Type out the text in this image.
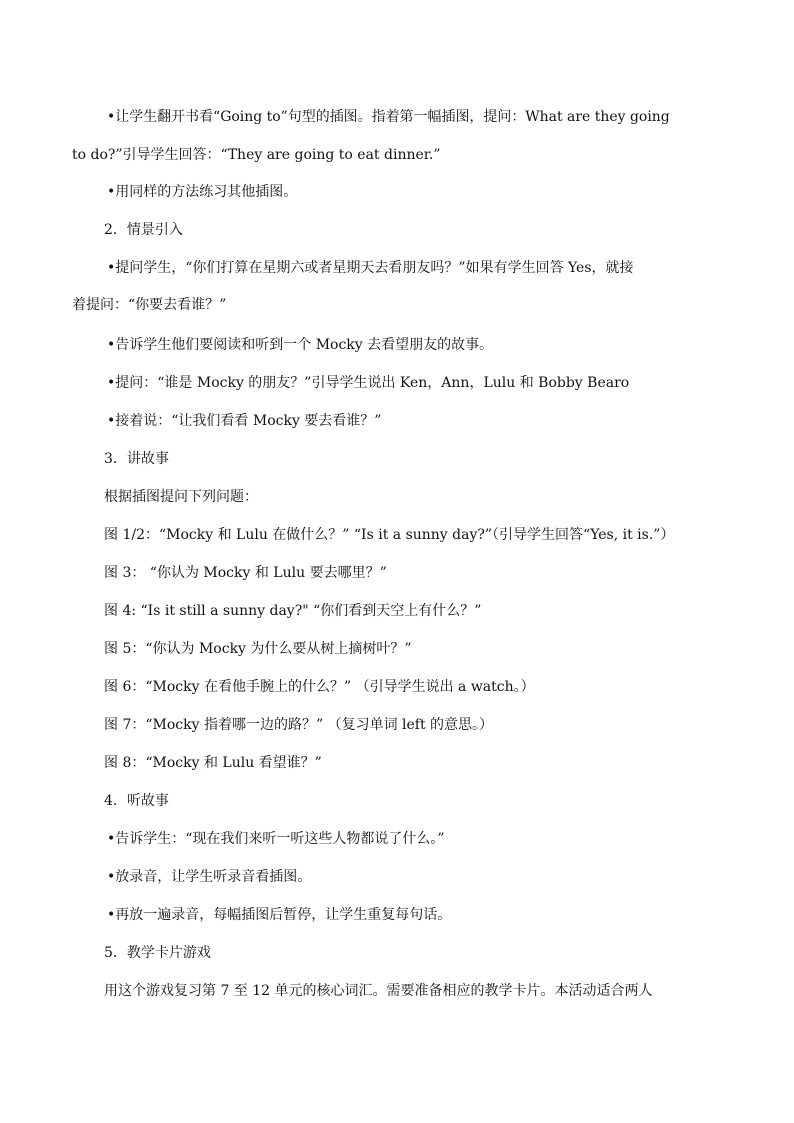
•让学生翻开书看“Going to”句型的插图。指着第一幅插图，提问：What are they going
to do?”引导学生回答：“They are going to eat dinner.”
•用同样的方法练习其他插图。
2．情景引入
•提问学生，“你们打算在星期六或者星期天去看朋友吗？”如果有学生回答 Yes，就接
着提问：“你要去看谁？”
•告诉学生他们要阅读和听到一个 Mocky 去看望朋友的故事。
•提问：“谁是 Mocky 的朋友？”引导学生说出 Ken，Ann，Lulu 和 Bobby Bearo
•接着说：“让我们看看 Mocky 要去看谁？”
3．讲故事
根据插图提问下列问题：
图 1/2：“Mocky 和 Lulu 在做什么？” “Is it a sunny day?”（引导学生回答“Yes, it is.”）
图 3： “你认为 Mocky 和 Lulu 要去哪里？”
图 4: “Is it still a sunny day?" “你们看到天空上有什么？”
图 5：“你认为 Mocky 为什么要从树上摘树叶？”
图 6：“Mocky 在看他手腕上的什么？” （引导学生说出 a watch。）
图 7：“Mocky 指着哪一边的路？” （复习单词 left 的意思。）
图 8：“Mocky 和 Lulu 看望谁？”
4．听故事
•告诉学生：“现在我们来听一听这些人物都说了什么。”
•放录音，让学生听录音看插图。
•再放一遍录音，每幅插图后暂停，让学生重复每句话。
5．教学卡片游戏
用这个游戏复习第 7 至 12 单元的核心词汇。需要准备相应的教学卡片。本活动适合两人
